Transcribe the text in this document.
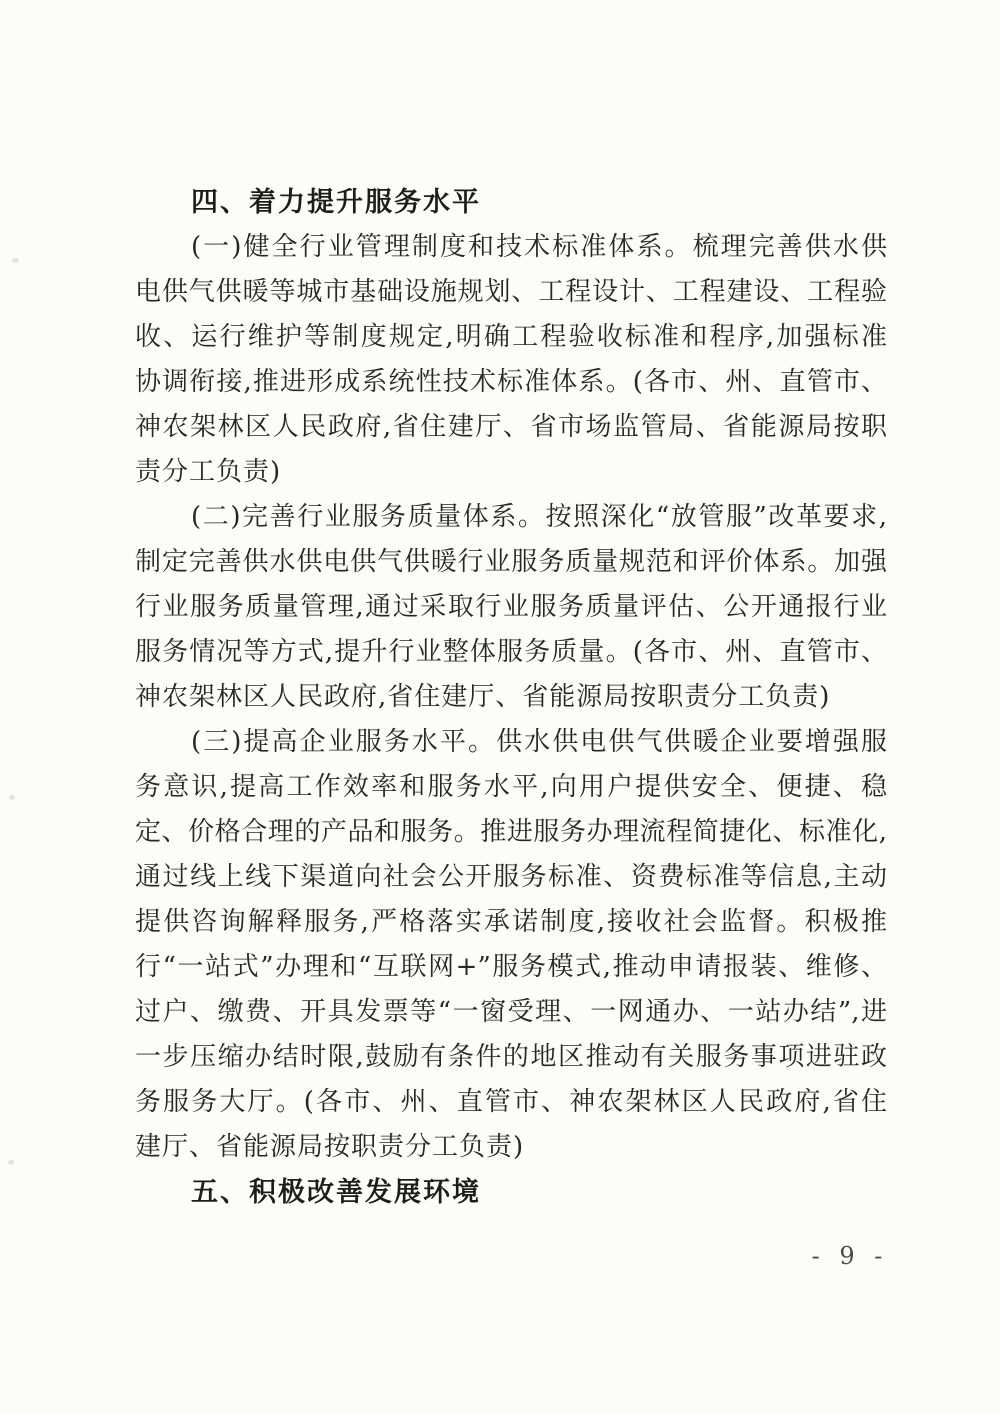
四、着力提升服务水平
(一)健全行业管理制度和技术标准体系。梳理完善供水供
电供气供暖等城市基础设施规划、工程设计、工程建设、工程验
收、运行维护等制度规定,明确工程验收标准和程序,加强标准
协调衔接,推进形成系统性技术标准体系。(各市、州、直管市、
神农架林区人民政府,省住建厅、省市场监管局、省能源局按职
责分工负责)
(二)完善行业服务质量体系。按照深化“放管服”改革要求,
制定完善供水供电供气供暖行业服务质量规范和评价体系。加强
行业服务质量管理,通过采取行业服务质量评估、公开通报行业
服务情况等方式,提升行业整体服务质量。(各市、州、直管市、
神农架林区人民政府,省住建厅、省能源局按职责分工负责)
(三)提高企业服务水平。供水供电供气供暖企业要增强服
务意识,提高工作效率和服务水平,向用户提供安全、便捷、稳
定、价格合理的产品和服务。推进服务办理流程简捷化、标准化,
通过线上线下渠道向社会公开服务标准、资费标准等信息,主动
提供咨询解释服务,严格落实承诺制度,接收社会监督。积极推
行“一站式”办理和“互联网+”服务模式,推动申请报装、维修、
过户、缴费、开具发票等“一窗受理、一网通办、一站办结”,进
一步压缩办结时限,鼓励有条件的地区推动有关服务事项进驻政
务服务大厅。(各市、州、直管市、神农架林区人民政府,省住
建厅、省能源局按职责分工负责)
五、积极改善发展环境
- 9 -
